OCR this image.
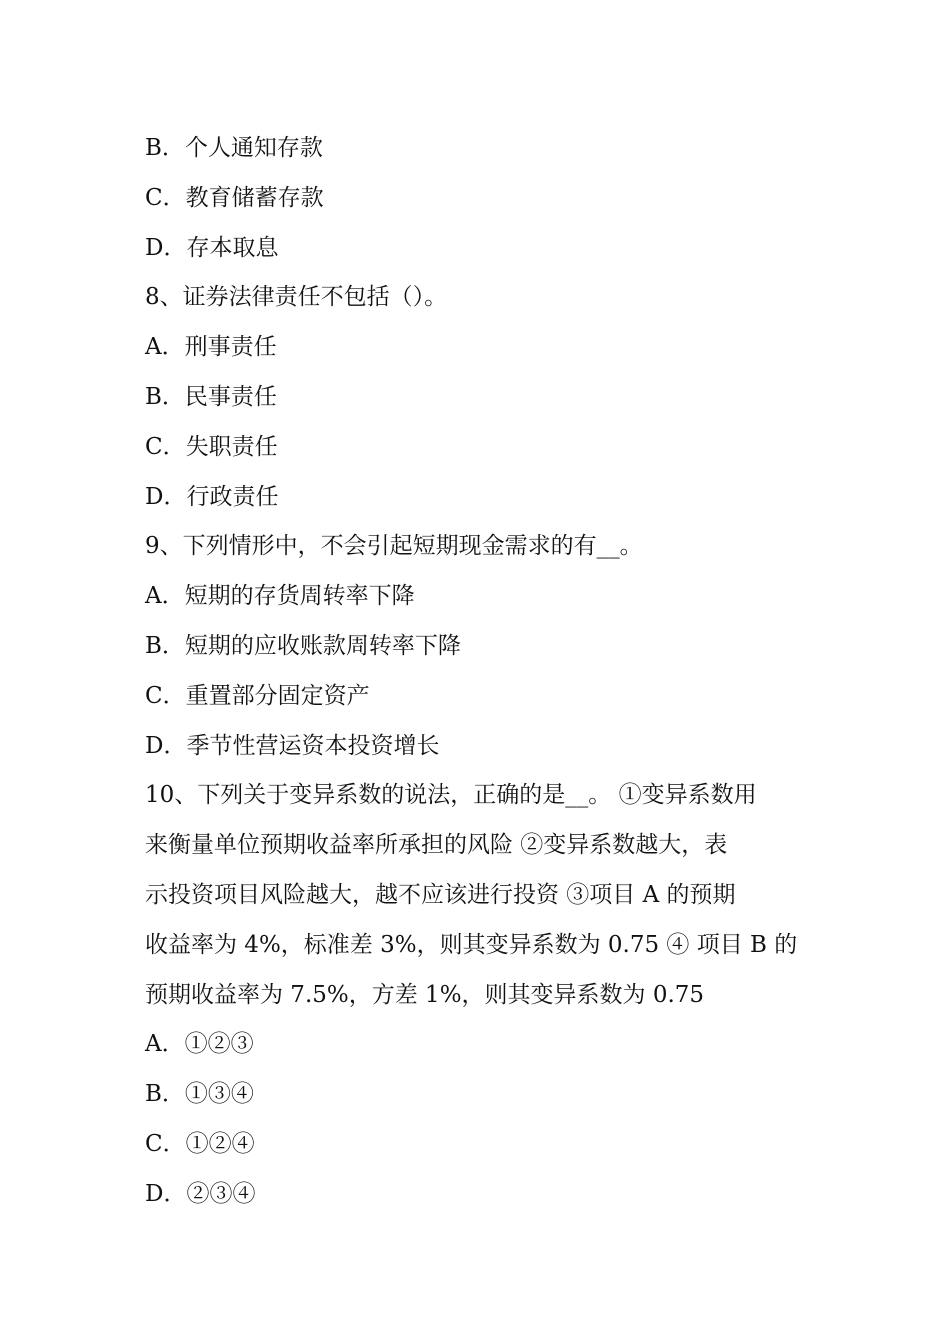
B．个人通知存款
C．教育储蓄存款
D．存本取息
8、证券法律责任不包括（）。
A．刑事责任
B．民事责任
C．失职责任
D．行政责任
9、下列情形中，不会引起短期现金需求的有__。
A．短期的存货周转率下降
B．短期的应收账款周转率下降
C．重置部分固定资产
D．季节性营运资本投资增长
10、下列关于变异系数的说法，正确的是__。 ①变异系数用
来衡量单位预期收益率所承担的风险 ②变异系数越大，表
示投资项目风险越大，越不应该进行投资 ③项目 A 的预期
收益率为 4%，标准差 3%，则其变异系数为 0.75 ④ 项目 B 的
预期收益率为 7.5%，方差 1%，则其变异系数为 0.75
A．①②③
B．①③④
C．①②④
D．②③④
